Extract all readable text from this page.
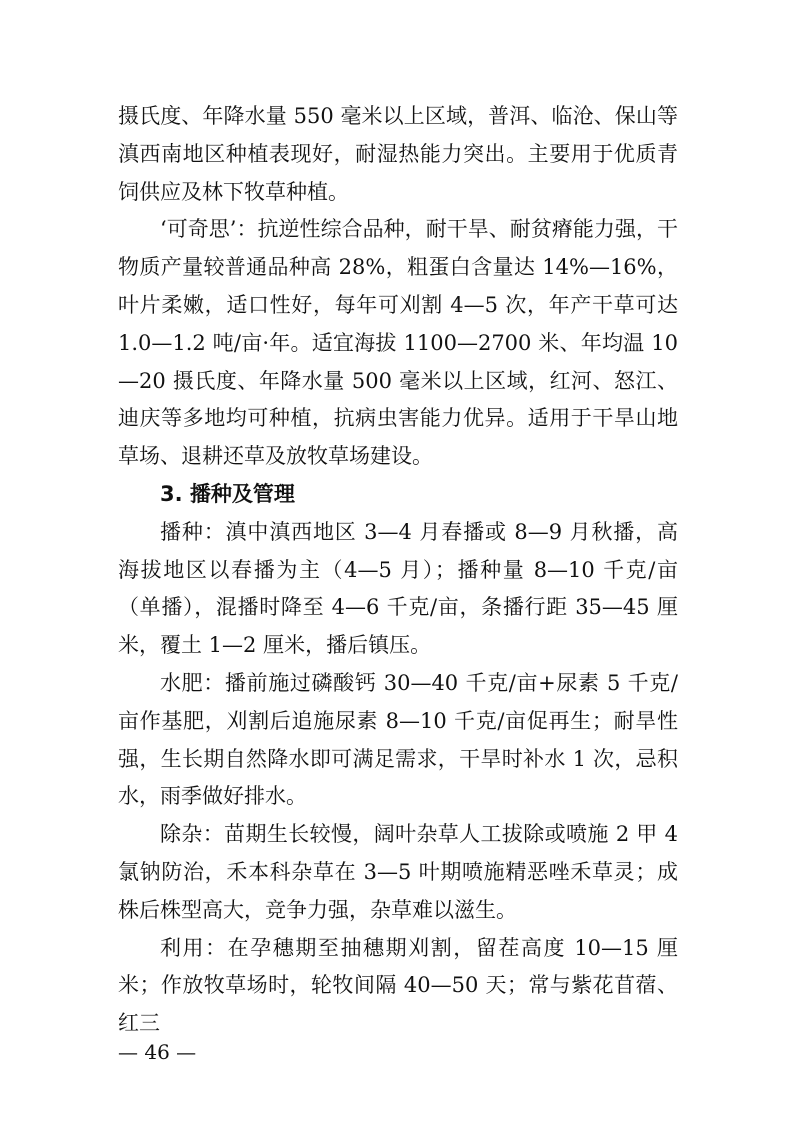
摄氏度、年降水量 550 毫米以上区域，普洱、临沧、保山等滇西南地区种植表现好，耐湿热能力突出。主要用于优质青饲供应及林下牧草种植。

‘可奇思’：抗逆性综合品种，耐干旱、耐贫瘠能力强，干物质产量较普通品种高 28%，粗蛋白含量达 14%—16%，叶片柔嫩，适口性好，每年可刈割 4—5 次，年产干草可达 1.0—1.2 吨/亩·年。适宜海拔 1100—2700 米、年均温 10—20 摄氏度、年降水量 500 毫米以上区域，红河、怒江、迪庆等多地均可种植，抗病虫害能力优异。适用于干旱山地草场、退耕还草及放牧草场建设。

3. 播种及管理

播种：滇中滇西地区 3—4 月春播或 8—9 月秋播，高海拔地区以春播为主（4—5 月）；播种量 8—10 千克/亩（单播），混播时降至 4—6 千克/亩，条播行距 35—45 厘米，覆土 1—2 厘米，播后镇压。

水肥：播前施过磷酸钙 30—40 千克/亩+尿素 5 千克/亩作基肥，刈割后追施尿素 8—10 千克/亩促再生；耐旱性强，生长期自然降水即可满足需求，干旱时补水 1 次，忌积水，雨季做好排水。

除杂：苗期生长较慢，阔叶杂草人工拔除或喷施 2 甲 4 氯钠防治，禾本科杂草在 3—5 叶期喷施精恶唑禾草灵；成株后株型高大，竞争力强，杂草难以滋生。

利用：在孕穗期至抽穗期刈割，留茬高度 10—15 厘米；作放牧草场时，轮牧间隔 40—50 天；常与紫花苜蓿、红三

— 46 —
